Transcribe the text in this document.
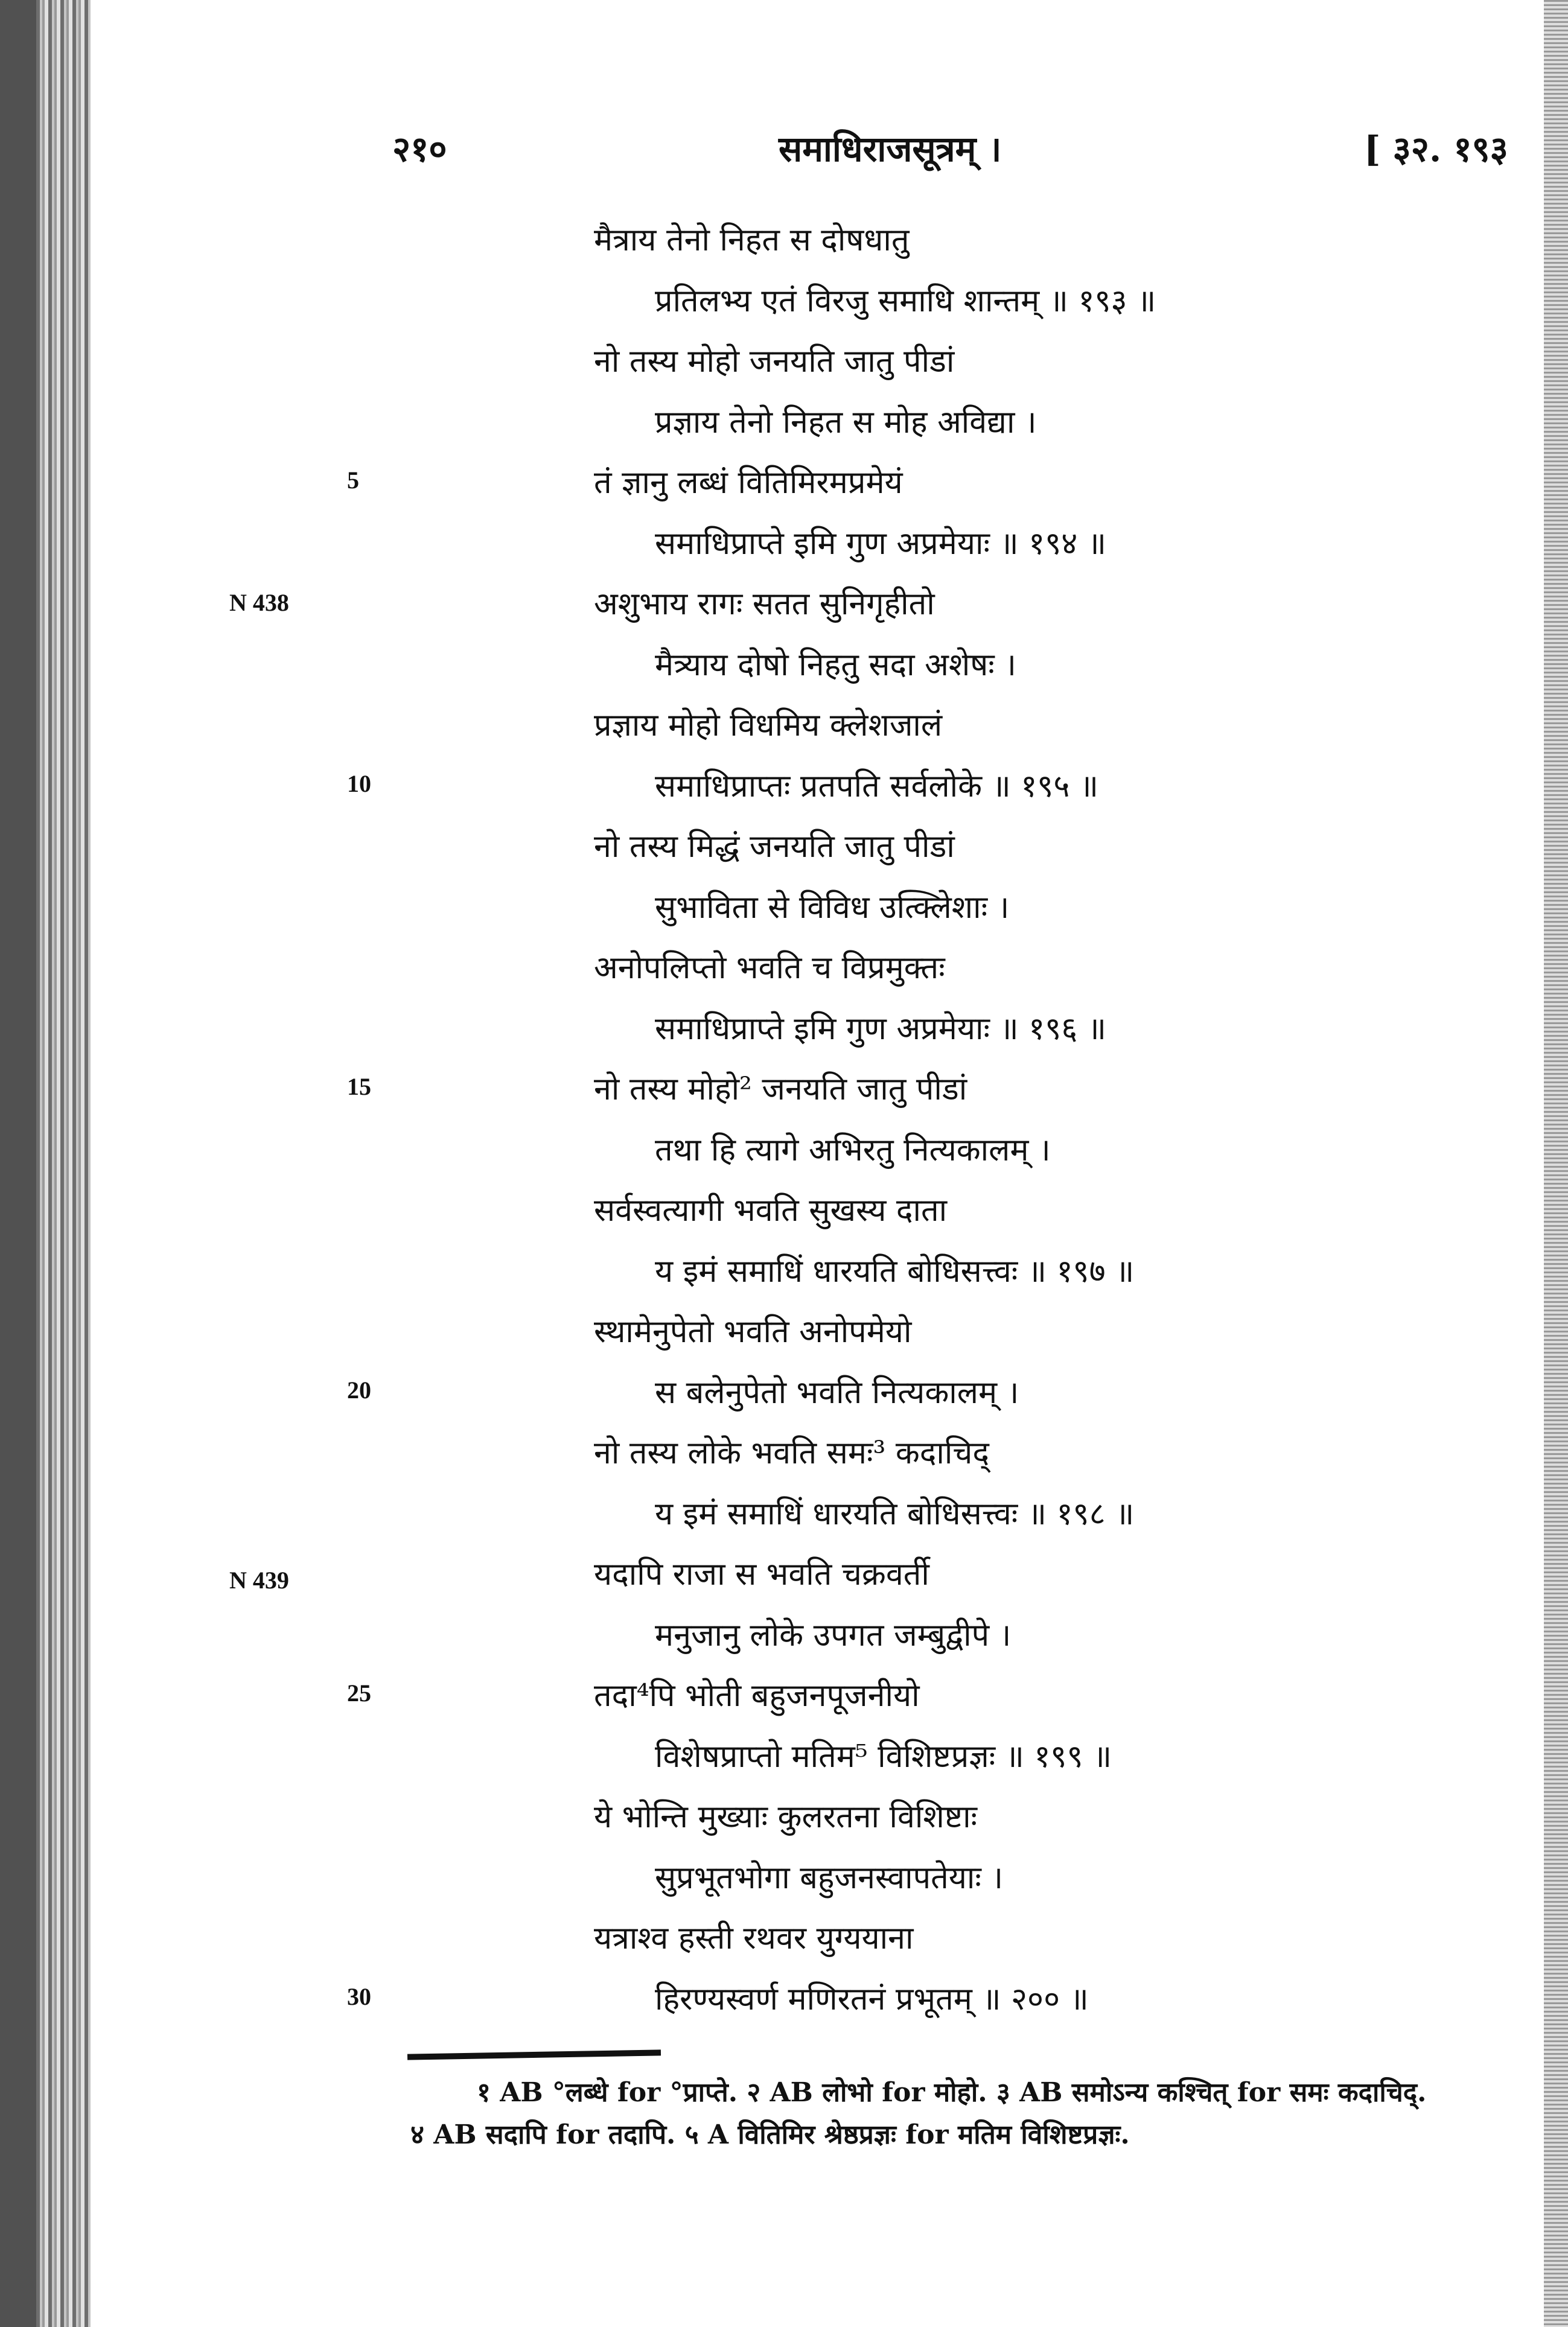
२१०	समाधिराजसूत्रम् ।	[ ३२. १९३
मैत्राय तेनो निहत स दोषधातु
प्रतिलभ्य एतं विरजु समाधि शान्तम् ॥ १९३ ॥
नो तस्य मोहो जनयति जातु पीडां
प्रज्ञाय तेनो निहत स मोह अविद्या ।
तं ज्ञानु लब्धं वितिमिरमप्रमेयं
समाधिप्राप्ते इमि गुण अप्रमेयाः ॥ १९४ ॥
अशुभाय रागः सतत सुनिगृहीतो
मैत्र्याय दोषो निहतु सदा अशेषः ।
प्रज्ञाय मोहो विधमिय क्लेशजालं
समाधिप्राप्तः प्रतपति सर्वलोके ॥ १९५ ॥
नो तस्य मिद्धं जनयति जातु पीडां
सुभाविता से विविध उत्क्लिेशाः ।
अनोपलिप्तो भवति च विप्रमुक्तः
समाधिप्राप्ते इमि गुण अप्रमेयाः ॥ १९६ ॥
नो तस्य मोहो² जनयति जातु पीडां
तथा हि त्यागे अभिरतु नित्यकालम् ।
सर्वस्वत्यागी भवति सुखस्य दाता
य इमं समाधिं धारयति बोधिसत्त्वः ॥ १९७ ॥
स्थामेनुपेतो भवति अनोपमेयो
स बलेनुपेतो भवति नित्यकालम् ।
नो तस्य लोके भवति समः³ कदाचिद्
य इमं समाधिं धारयति बोधिसत्त्वः ॥ १९८ ॥
यदापि राजा स भवति चक्रवर्ती
मनुजानु लोके उपगत जम्बुद्वीपे ।
तदा⁴पि भोती बहुजनपूजनीयो
विशेषप्राप्तो मतिम⁵ विशिष्टप्रज्ञः ॥ १९९ ॥
ये भोन्ति मुख्याः कुलरतना विशिष्टाः
सुप्रभूतभोगा बहुजनस्वापतेयाः ।
यत्राश्व हस्ती रथवर युग्ययाना
हिरण्यस्वर्ण मणिरतनं प्रभूतम् ॥ २०० ॥
5
10
15
20
25
30
N 438
N 439
१ AB °लब्धे for °प्राप्ते. २ AB लोभो for मोहो. ३ AB समोऽन्य कश्चित् for समः कदाचिद्.
४ AB सदापि for तदापि. ५ A वितिमिर श्रेष्ठप्रज्ञः for मतिम विशिष्टप्रज्ञः.
